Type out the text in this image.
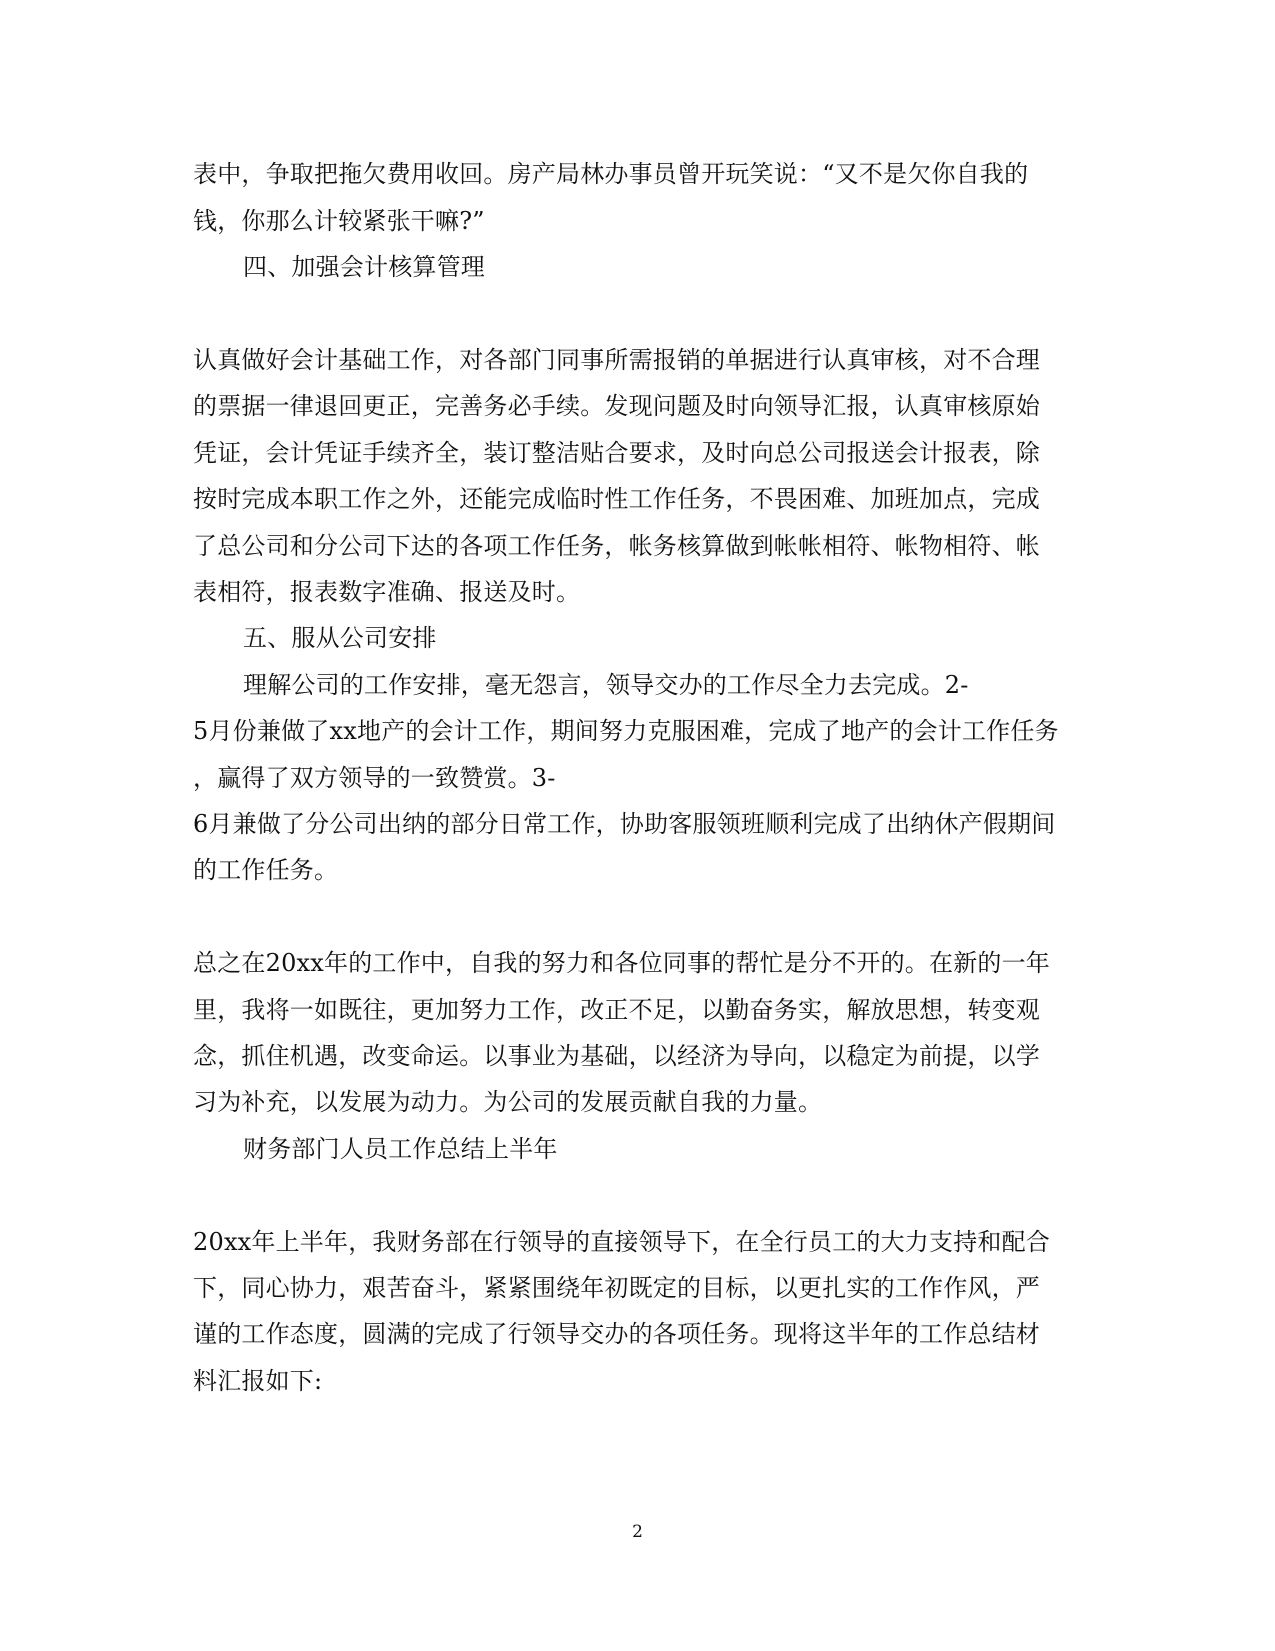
表中，争取把拖欠费用收回。房产局林办事员曾开玩笑说：“又不是欠你自我的
钱，你那么计较紧张干嘛?”
四、加强会计核算管理
认真做好会计基础工作，对各部门同事所需报销的单据进行认真审核，对不合理
的票据一律退回更正，完善务必手续。发现问题及时向领导汇报，认真审核原始
凭证，会计凭证手续齐全，装订整洁贴合要求，及时向总公司报送会计报表，除
按时完成本职工作之外，还能完成临时性工作任务，不畏困难、加班加点，完成
了总公司和分公司下达的各项工作任务，帐务核算做到帐帐相符、帐物相符、帐
表相符，报表数字准确、报送及时。
五、服从公司安排
理解公司的工作安排，毫无怨言，领导交办的工作尽全力去完成。2-
5月份兼做了xx地产的会计工作，期间努力克服困难，完成了地产的会计工作任务
，赢得了双方领导的一致赞赏。3-
6月兼做了分公司出纳的部分日常工作，协助客服领班顺利完成了出纳休产假期间
的工作任务。
总之在20xx年的工作中，自我的努力和各位同事的帮忙是分不开的。在新的一年
里，我将一如既往，更加努力工作，改正不足，以勤奋务实，解放思想，转变观
念，抓住机遇，改变命运。以事业为基础，以经济为导向，以稳定为前提，以学
习为补充，以发展为动力。为公司的发展贡献自我的力量。
财务部门人员工作总结上半年
20xx年上半年，我财务部在行领导的直接领导下，在全行员工的大力支持和配合
下，同心协力，艰苦奋斗，紧紧围绕年初既定的目标，以更扎实的工作作风，严
谨的工作态度，圆满的完成了行领导交办的各项任务。现将这半年的工作总结材
料汇报如下:
2
